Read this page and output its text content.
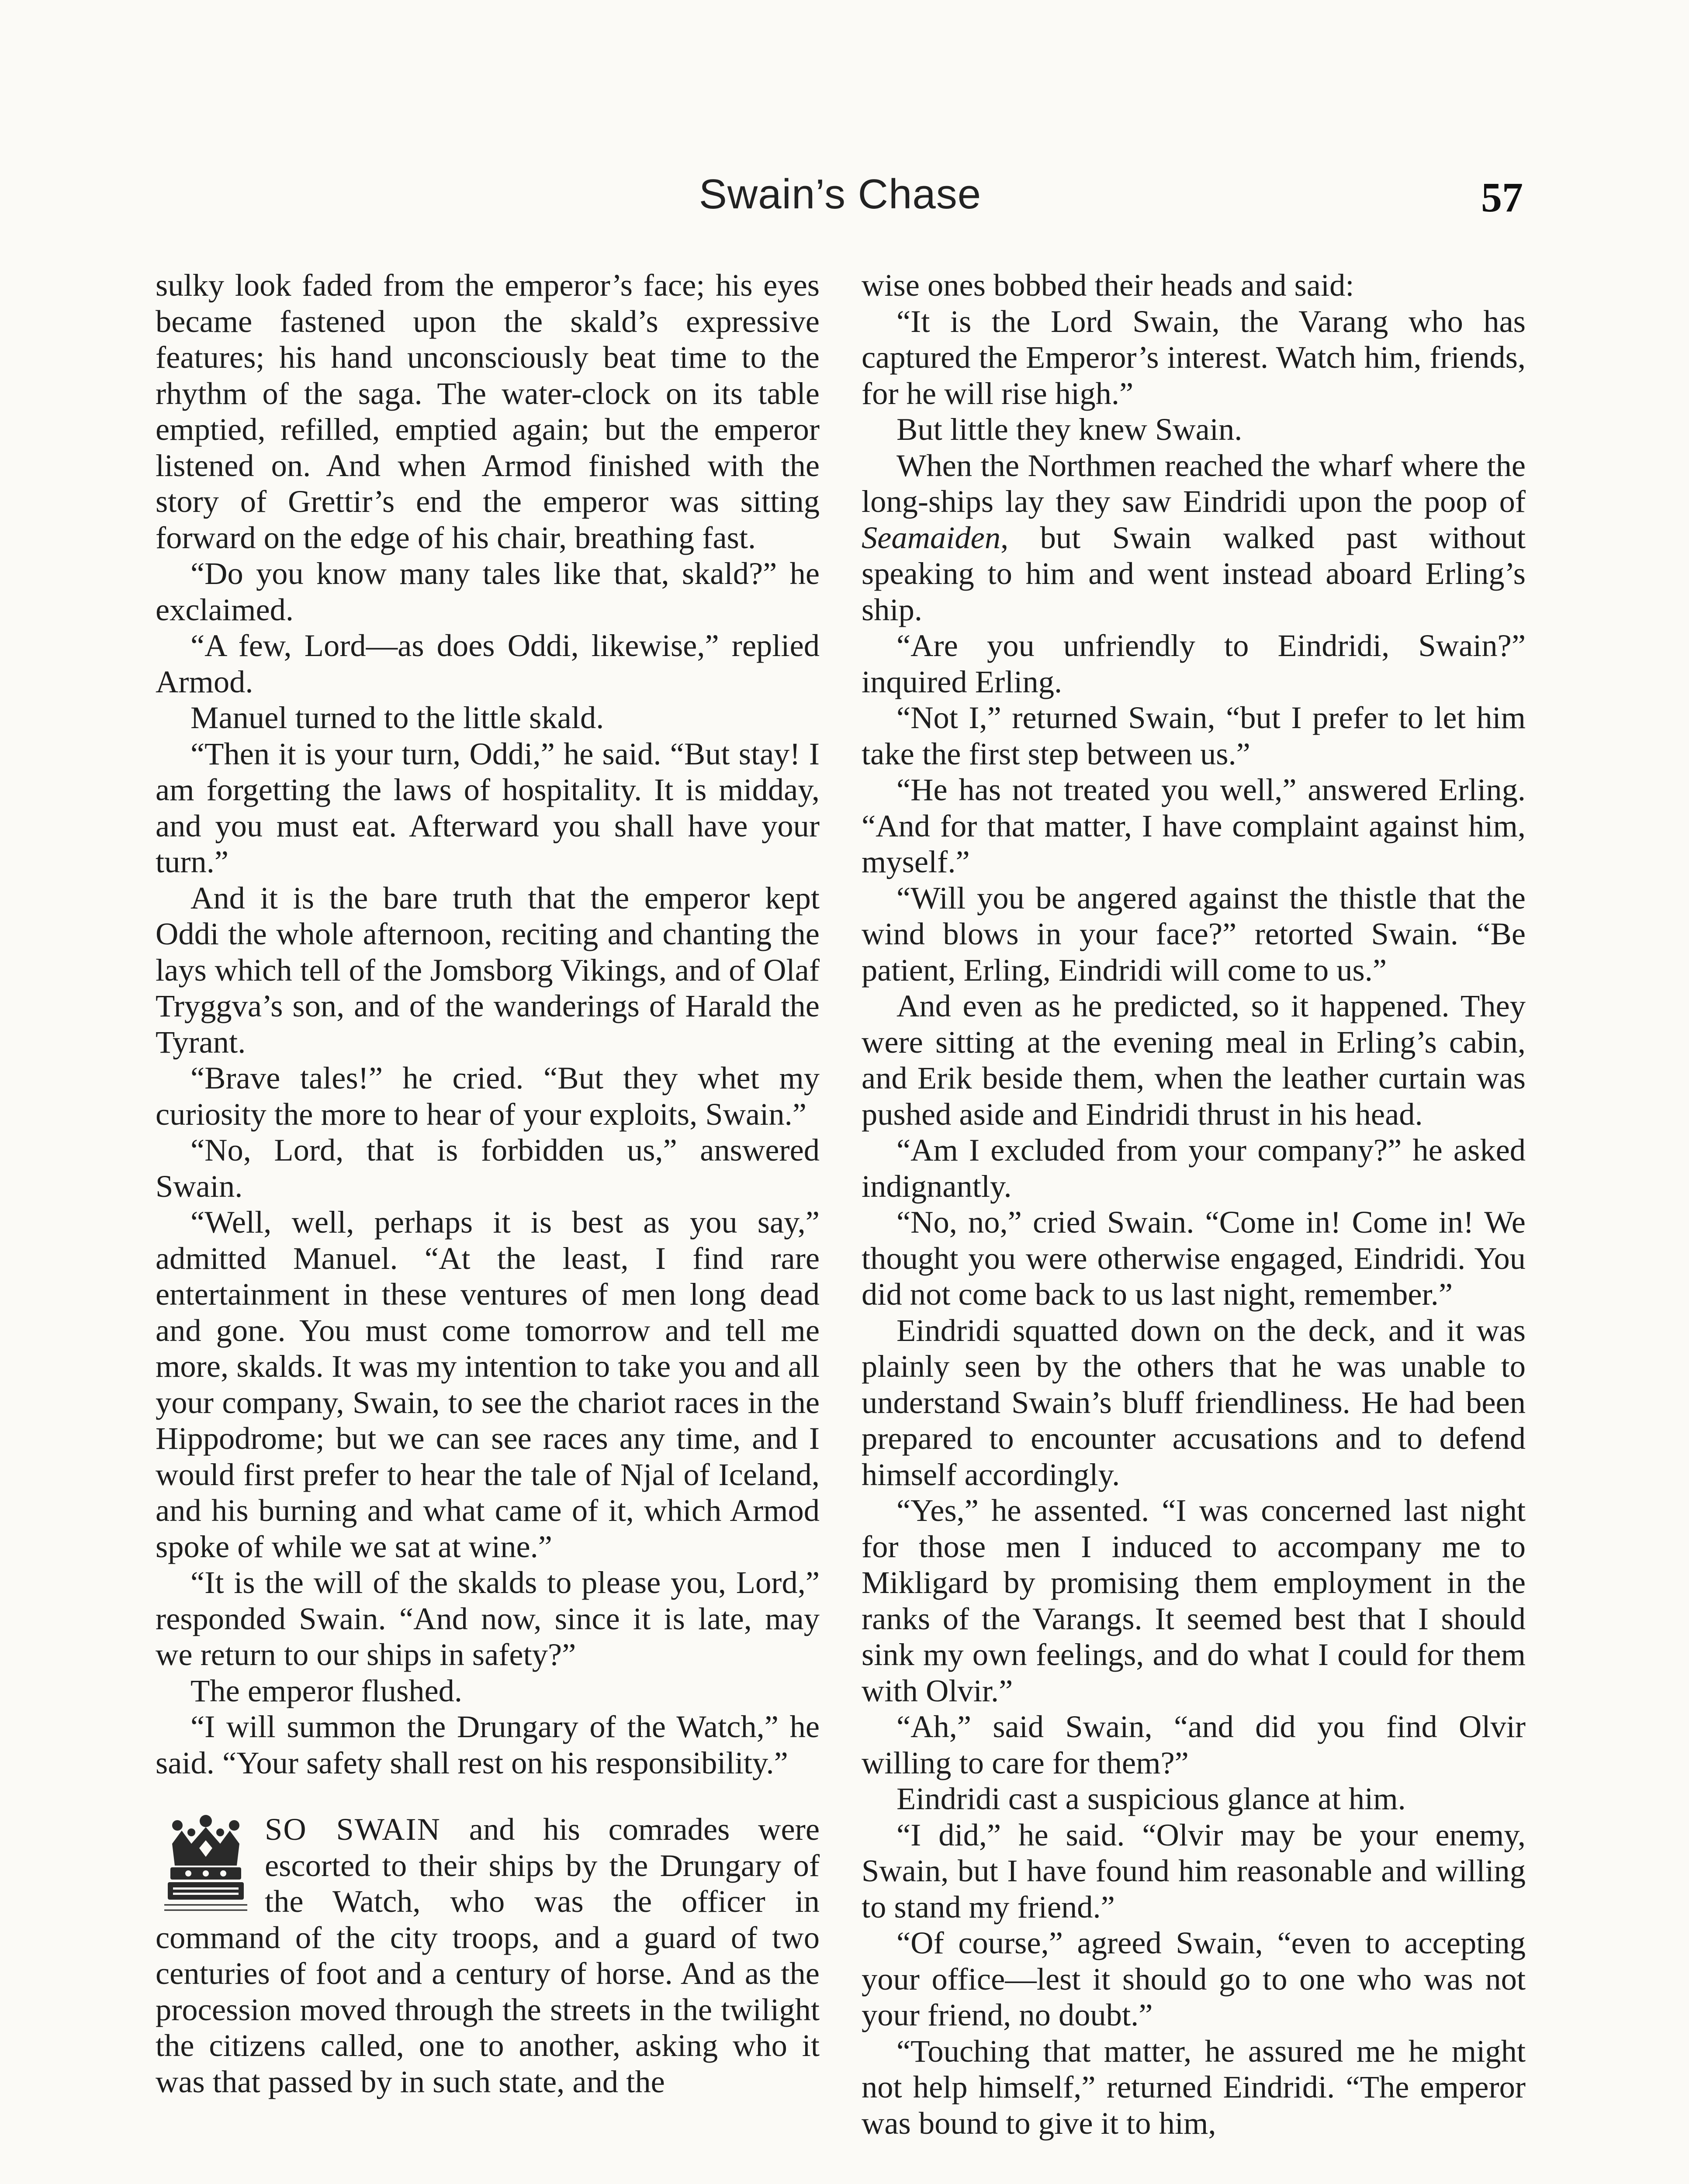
Swain’s Chase	57

sulky look faded from the emperor’s face; his eyes became fastened upon the skald’s expressive features; his hand unconsciously beat time to the rhythm of the saga. The water-clock on its table emptied, refilled, emptied again; but the emperor listened on. And when Armod finished with the story of Grettir’s end the emperor was sitting forward on the edge of his chair, breathing fast.

“Do you know many tales like that, skald?” he exclaimed.

“A few, Lord—as does Oddi, likewise,” replied Armod.

Manuel turned to the little skald.

“Then it is your turn, Oddi,” he said. “But stay! I am forgetting the laws of hospitality. It is midday, and you must eat. Afterward you shall have your turn.”

And it is the bare truth that the emperor kept Oddi the whole afternoon, reciting and chanting the lays which tell of the Jomsborg Vikings, and of Olaf Tryggva’s son, and of the wanderings of Harald the Tyrant.

“Brave tales!” he cried. “But they whet my curiosity the more to hear of your exploits, Swain.”

“No, Lord, that is forbidden us,” answered Swain.

“Well, well, perhaps it is best as you say,” admitted Manuel. “At the least, I find rare entertainment in these ventures of men long dead and gone. You must come tomorrow and tell me more, skalds. It was my intention to take you and all your company, Swain, to see the chariot races in the Hippodrome; but we can see races any time, and I would first prefer to hear the tale of Njal of Iceland, and his burning and what came of it, which Armod spoke of while we sat at wine.”

“It is the will of the skalds to please you, Lord,” responded Swain. “And now, since it is late, may we return to our ships in safety?”

The emperor flushed.

“I will summon the Drungary of the Watch,” he said. “Your safety shall rest on his responsibility.”

SO SWAIN and his comrades were escorted to their ships by the Drungary of the Watch, who was the officer in command of the city troops, and a guard of two centuries of foot and a century of horse. And as the procession moved through the streets in the twilight the citizens called, one to another, asking who it was that passed by in such state, and the

wise ones bobbed their heads and said:

“It is the Lord Swain, the Varang who has captured the Emperor’s interest. Watch him, friends, for he will rise high.”

But little they knew Swain.

When the Northmen reached the wharf where the long-ships lay they saw Eindridi upon the poop of Seamaiden, but Swain walked past without speaking to him and went instead aboard Erling’s ship.

“Are you unfriendly to Eindridi, Swain?” inquired Erling.

“Not I,” returned Swain, “but I prefer to let him take the first step between us.”

“He has not treated you well,” answered Erling. “And for that matter, I have complaint against him, myself.”

“Will you be angered against the thistle that the wind blows in your face?” retorted Swain. “Be patient, Erling, Eindridi will come to us.”

And even as he predicted, so it happened. They were sitting at the evening meal in Erling’s cabin, and Erik beside them, when the leather curtain was pushed aside and Eindridi thrust in his head.

“Am I excluded from your company?” he asked indignantly.

“No, no,” cried Swain. “Come in! Come in! We thought you were otherwise engaged, Eindridi. You did not come back to us last night, remember.”

Eindridi squatted down on the deck, and it was plainly seen by the others that he was unable to understand Swain’s bluff friendliness. He had been prepared to encounter accusations and to defend himself accordingly.

“Yes,” he assented. “I was concerned last night for those men I induced to accompany me to Mikligard by promising them employment in the ranks of the Varangs. It seemed best that I should sink my own feelings, and do what I could for them with Olvir.”

“Ah,” said Swain, “and did you find Olvir willing to care for them?”

Eindridi cast a suspicious glance at him.

“I did,” he said. “Olvir may be your enemy, Swain, but I have found him reasonable and willing to stand my friend.”

“Of course,” agreed Swain, “even to accepting your office—lest it should go to one who was not your friend, no doubt.”

“Touching that matter, he assured me he might not help himself,” returned Eindridi. “The emperor was bound to give it to him,
